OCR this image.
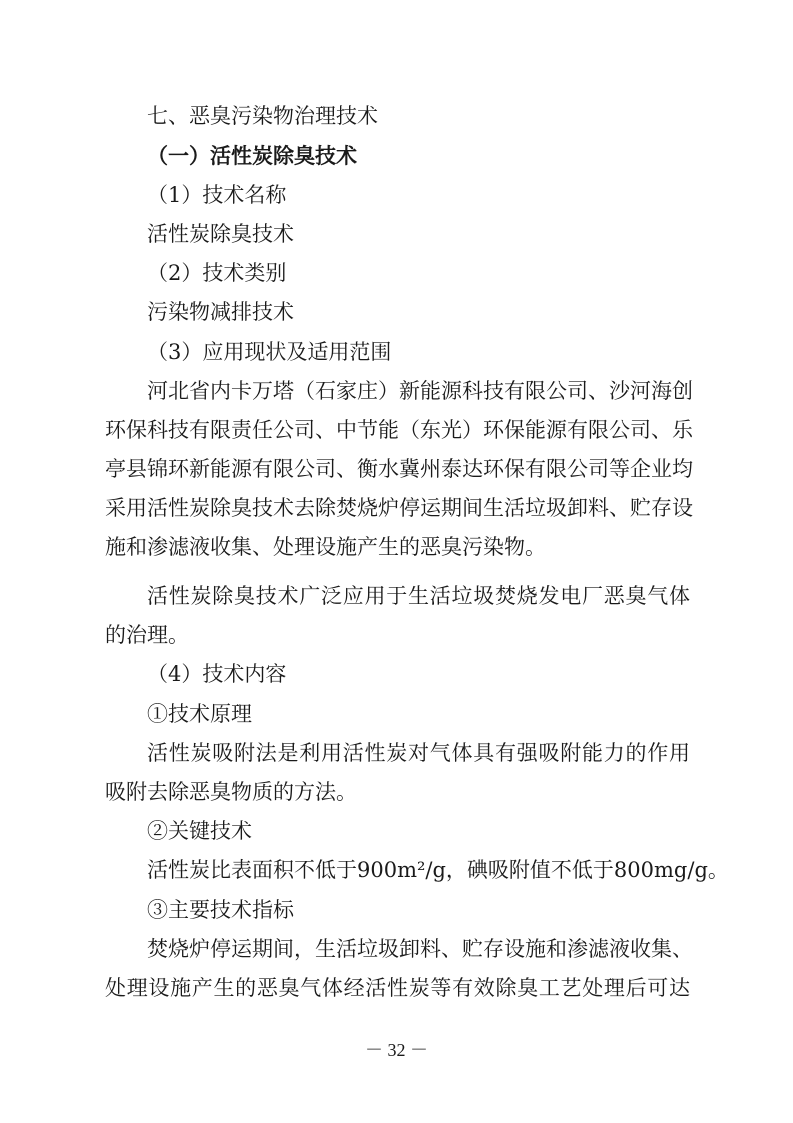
七、恶臭污染物治理技术
（一）活性炭除臭技术
（1）技术名称
活性炭除臭技术
（2）技术类别
污染物减排技术
（3）应用现状及适用范围
河北省内卡万塔（石家庄）新能源科技有限公司、沙河海创
环保科技有限责任公司、中节能（东光）环保能源有限公司、乐
亭县锦环新能源有限公司、衡水冀州泰达环保有限公司等企业均
采用活性炭除臭技术去除焚烧炉停运期间生活垃圾卸料、贮存设
施和渗滤液收集、处理设施产生的恶臭污染物。
活性炭除臭技术广泛应用于生活垃圾焚烧发电厂恶臭气体
的治理。
（4）技术内容
①技术原理
活性炭吸附法是利用活性炭对气体具有强吸附能力的作用
吸附去除恶臭物质的方法。
②关键技术
活性炭比表面积不低于900m²/g，碘吸附值不低于800mg/g。
③主要技术指标
焚烧炉停运期间，生活垃圾卸料、贮存设施和渗滤液收集、
处理设施产生的恶臭气体经活性炭等有效除臭工艺处理后可达
－ 32 －
